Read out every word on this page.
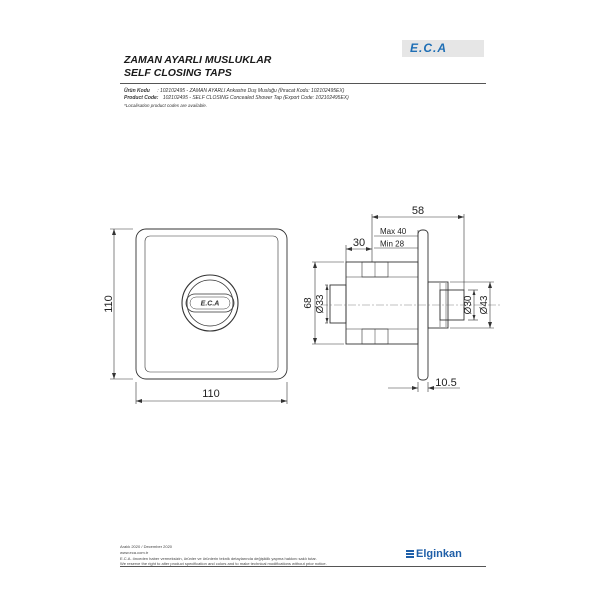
ZAMAN AYARLI MUSLUKLAR
SELF CLOSING TAPS
E.C.A
Ürün Kodu : 102102495 - ZAMAN AYARLI Ankastre Duş Musluğu (İhracat Kodu: 102102495EX)
Product Code: 102102495 - SELF CLOSING Concealed Shower Tap (Export Code: 102102495EX)
*Localisation product codes are available.
E.C.A
110
110
58
30
Max 40
Min 28
68 Ø33	Ø30 Ø43
10.5
Aralık 2020 / December 2020
www.eca.com.tr
E.C.A. önceden haber vermeksizin, ürünler ve ürünlerin teknik detaylarında değişiklik yapma hakkını saklı tutar.
We reserve the right to alter product specification and colors and to make technical modifications without prior notice.
Elginkan
